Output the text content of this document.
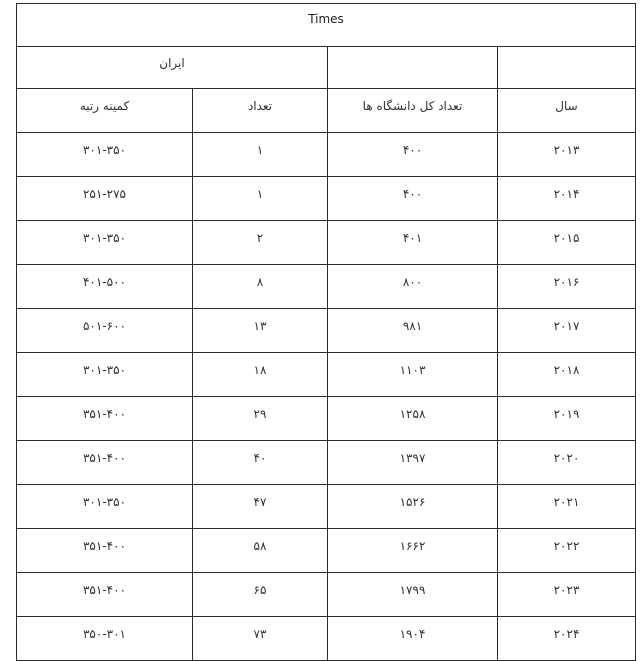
Times			
ایران			
کمینه رتبه	تعداد	تعداد کل دانشگاه ها	سال
۳۰۱-۳۵۰	۱	۴۰۰	۲۰۱۳
۲۵۱-۲۷۵	۱	۴۰۰	۲۰۱۴
۳۰۱-۳۵۰	۲	۴۰۱	۲۰۱۵
۴۰۱-۵۰۰	۸	۸۰۰	۲۰۱۶
۵۰۱-۶۰۰	۱۳	۹۸۱	۲۰۱۷
۳۰۱-۳۵۰	۱۸	۱۱۰۳	۲۰۱۸
۳۵۱-۴۰۰	۲۹	۱۲۵۸	۲۰۱۹
۳۵۱-۴۰۰	۴۰	۱۳۹۷	۲۰۲۰
۳۰۱-۳۵۰	۴۷	۱۵۲۶	۲۰۲۱
۳۵۱-۴۰۰	۵۸	۱۶۶۲	۲۰۲۲
۳۵۱-۴۰۰	۶۵	۱۷۹۹	۲۰۲۳
۳۵۰-۳۰۱	۷۳	۱۹۰۴	۲۰۲۴
